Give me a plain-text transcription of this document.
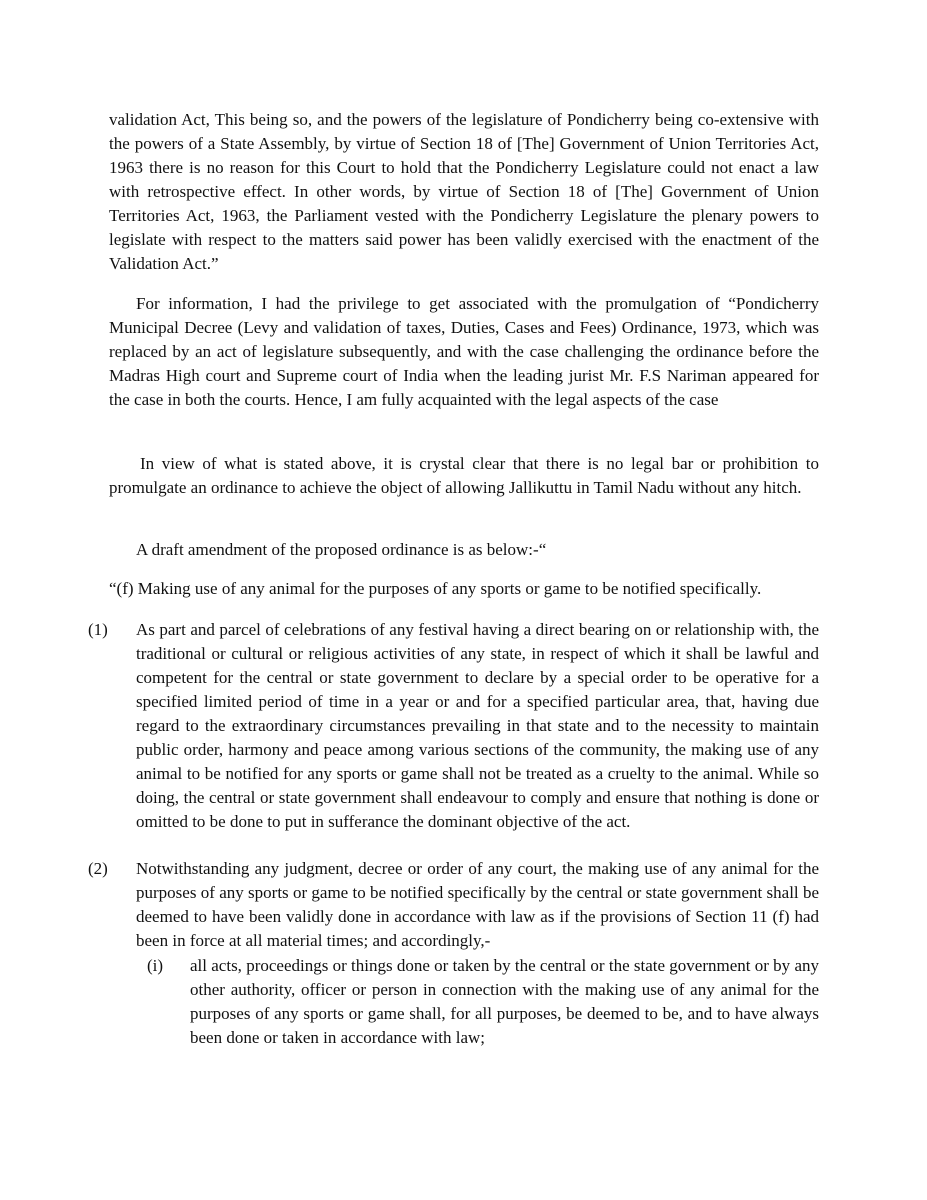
validation Act, This being so, and the powers of the legislature of Pondicherry being co-extensive with the powers of a State Assembly, by virtue of Section 18 of [The] Government of Union Territories Act, 1963 there is no reason for this Court to hold that the Pondicherry Legislature could not enact a law with retrospective effect. In other words, by virtue of Section 18 of [The] Government of Union Territories Act, 1963, the Parliament vested with the Pondicherry Legislature the plenary powers to legislate with respect to the matters said power has been validly exercised with the enactment of the Validation Act.”

For information, I had the privilege to get associated with the promulgation of “Pondicherry Municipal Decree (Levy and validation of taxes, Duties, Cases and Fees) Ordinance, 1973, which was replaced by an act of legislature subsequently, and with the case challenging the ordinance before the Madras High court and Supreme court of India when the leading jurist Mr. F.S Nariman appeared for the case in both the courts. Hence, I am fully acquainted with the legal aspects of the case

In view of what is stated above, it is crystal clear that there is no legal bar or prohibition to promulgate an ordinance to achieve the object of allowing Jallikuttu in Tamil Nadu without any hitch.

A draft amendment of the proposed ordinance is as below:-“

“(f) Making use of any animal for the purposes of any sports or game to be notified specifically.

(1) As part and parcel of celebrations of any festival having a direct bearing on or relationship with, the traditional or cultural or religious activities of any state, in respect of which it shall be lawful and competent for the central or state government to declare by a special order to be operative for a specified limited period of time in a year or and for a specified particular area, that, having due regard to the extraordinary circumstances prevailing in that state and to the necessity to maintain public order, harmony and peace among various sections of the community, the making use of any animal to be notified for any sports or game shall not be treated as a cruelty to the animal. While so doing, the central or state government shall endeavour to comply and ensure that nothing is done or omitted to be done to put in sufferance the dominant objective of the act.

(2) Notwithstanding any judgment, decree or order of any court, the making use of any animal for the purposes of any sports or game to be notified specifically by the central or state government shall be deemed to have been validly done in accordance with law as if the provisions of Section 11 (f) had been in force at all material times; and accordingly,-

(i) all acts, proceedings or things done or taken by the central or the state government or by any other authority, officer or person in connection with the making use of any animal for the purposes of any sports or game shall, for all purposes, be deemed to be, and to have always been done or taken in accordance with law;
